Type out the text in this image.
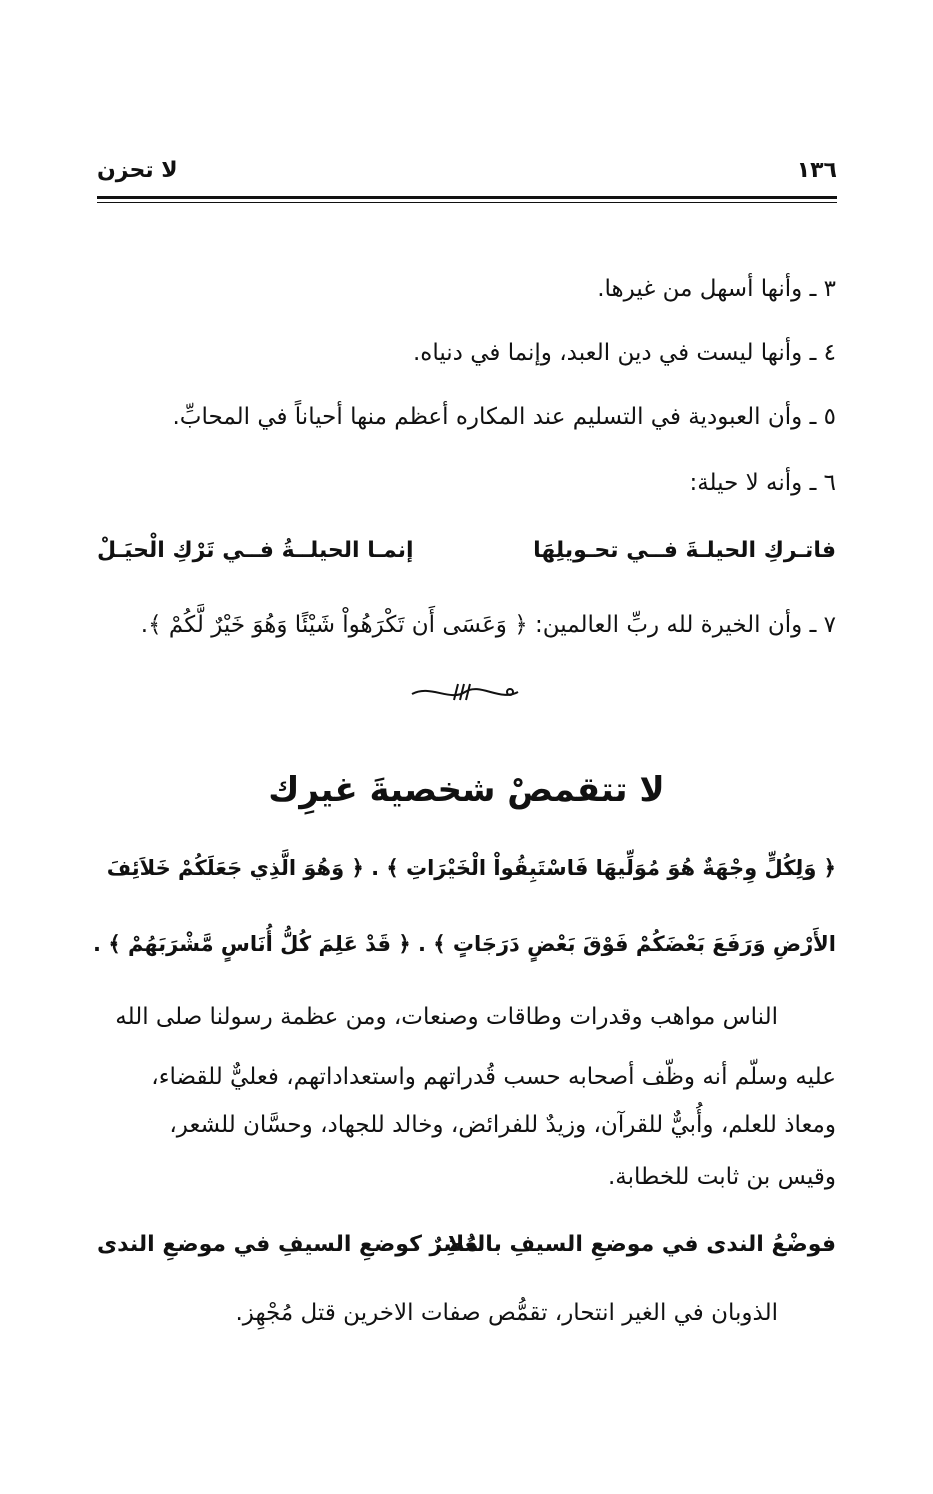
لا تحزن	١٣٦
٣ ـ وأنها أسهل من غيرها.
٤ ـ وأنها ليست في دين العبد، وإنما في دنياه.
٥ ـ وأن العبودية في التسليم عند المكاره أعظم منها أحياناً في المحابِّ.
٦ ـ وأنه لا حيلة:
فاتـركِ الحيلـةَ فــي تحـويلِهَا
إنمـا الحيلــةُ فــي تَرْكِ الْحيَـلْ
٧ ـ وأن الخيرة لله ربِّ العالمين: ﴿ وَعَسَى أَن تَكْرَهُواْ شَيْئًا وَهُوَ خَيْرٌ لَّكُمْ ﴾.
لا تتقمصْ شخصيةَ غيرِك
﴿ وَلِكُلٍّ وِجْهَةٌ هُوَ مُوَلِّيهَا فَاسْتَبِقُواْ الْخَيْرَاتِ ﴾ . ﴿ وَهُوَ الَّذِي جَعَلَكُمْ خَلاَئِفَ
الأَرْضِ وَرَفَعَ بَعْضَكُمْ فَوْقَ بَعْضٍ دَرَجَاتٍ ﴾ . ﴿ قَدْ عَلِمَ كُلُّ أُنَاسٍ مَّشْرَبَهُمْ ﴾ .
الناس مواهب وقدرات وطاقات وصنعات، ومن عظمة رسولنا صلى الله
عليه وسلّم أنه وظّف أصحابه حسب قُدراتهم واستعداداتهم، فعليٌّ للقضاء،
ومعاذ للعلم، وأُبيٌّ للقرآن، وزيدٌ للفرائض، وخالد للجهاد، وحسَّان للشعر،
وقيس بن ثابت للخطابة.
فوضْعُ الندى في موضعِ السيفِ بالعُلا
مُضِرٌ كوضعِ السيفِ في موضعِ الندى
الذوبان في الغير انتحار، تقمُّص صفات الاخرين قتل مُجْهِز.
